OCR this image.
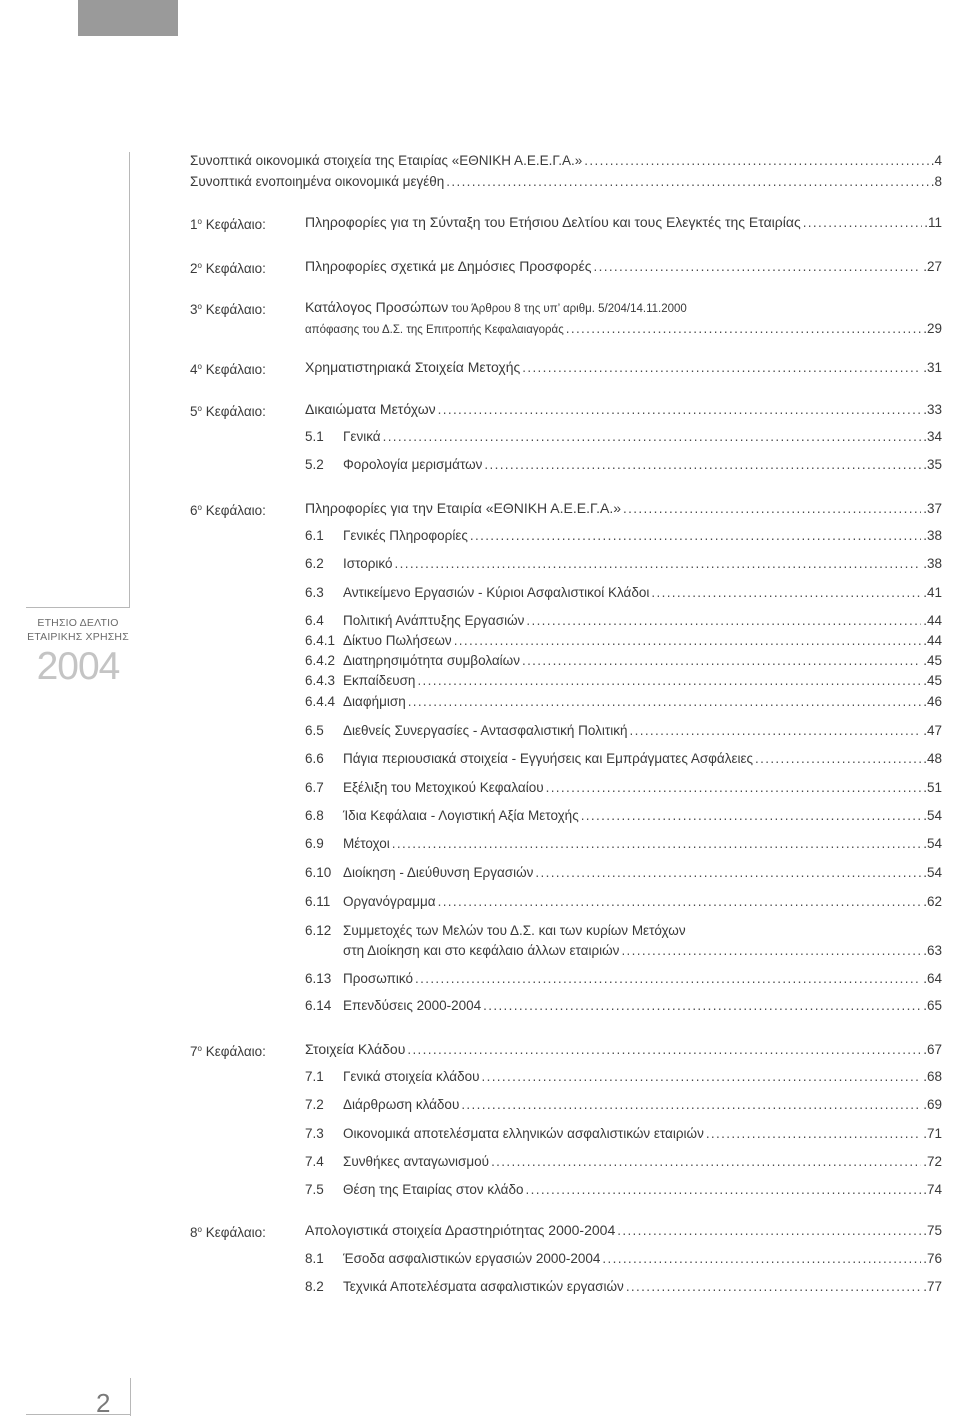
ΕΤΗΣΙΟ ΔΕΛΤΙΟ
ΕΤΑΙΡΙΚΗΣ ΧΡΗΣΗΣ
2004
2
Συνοπτικά οικονομικά στοιχεία της Εταιρίας «ΕΘΝΙΚΗ Α.Ε.Ε.Γ.Α.» . . .	.4
Συνοπτικά ενοποιημένα οικονομικά μεγέθη . . .	.8
$1^o$ Κεφάλαιο:	Πληροφορίες για τη Σύνταξη του Ετήσιου Δελτίου και τους Ελεγκτές της Εταιρίας . . .	.11
$2^o$ Κεφάλαιο:	Πληροφορίες σχετικά με Δημόσιες Προσφορές . . .	.27
$3^o$ Κεφάλαιο:	Κατάλογος Προσώπων του Άρθρου 8 της υπ’ αριθμ. 5/204/14.11.2000
απόφασης του Δ.Σ. της Επιτροπής Κεφαλαιαγοράς . . .	.29
$4^o$ Κεφάλαιο:	Χρηματιστηριακά Στοιχεία Μετοχής . . .	.31
$5^o$ Κεφάλαιο:	Δικαιώματα Μετόχων . . .	.33
5.1	Γενικά . . .	.34
5.2	Φορολογία μερισμάτων . . .	.35
$6^o$ Κεφάλαιο:	Πληροφορίες για την Εταιρία «ΕΘΝΙΚΗ Α.Ε.Ε.Γ.Α.» . . .	.37
6.1	Γενικές Πληροφορίες . . .	.38
6.2	Ιστορικό . . .	.38
6.3	Αντικείμενο Εργασιών - Κύριοι Ασφαλιστικοί Κλάδοι . . .	.41
6.4	Πολιτική Ανάπτυξης Εργασιών . . .	.44
6.4.1 Δίκτυο Πωλήσεων . . .	.44
6.4.2 Διατηρησιμότητα συμβολαίων . . .	.45
6.4.3 Εκπαίδευση . . .	.45
6.4.4 Διαφήμιση . . .	.46
6.5	Διεθνείς Συνεργασίες - Αντασφαλιστική Πολιτική . . .	.47
6.6	Πάγια περιουσιακά στοιχεία - Εγγυήσεις και Εμπράγματες Ασφάλειες . . .	.48
6.7	Εξέλιξη του Μετοχικού Κεφαλαίου . . .	.51
6.8	Ίδια Κεφάλαια - Λογιστική Αξία Μετοχής . . .	.54
6.9	Μέτοχοι . . .	.54
6.10 Διοίκηση - Διεύθυνση Εργασιών . . .	.54
6.11 Οργανόγραμμα . . .	.62
6.12 Συμμετοχές των Μελών του Δ.Σ. και των κυρίων Μετόχων
στη Διοίκηση και στο κεφάλαιο άλλων εταιριών . . .	.63
6.13 Προσωπικό . . .	.64
6.14 Επενδύσεις 2000-2004 . . .	.65
$7^o$ Κεφάλαιο:	Στοιχεία Κλάδου . . .	.67
7.1	Γενικά στοιχεία κλάδου . . .	.68
7.2	Διάρθρωση κλάδου . . .	.69
7.3	Οικονομικά αποτελέσματα ελληνικών ασφαλιστικών εταιριών . . .	.71
7.4	Συνθήκες ανταγωνισμού . . .	.72
7.5	Θέση της Εταιρίας στον κλάδο . . .	.74
$8^o$ Κεφάλαιο:	Απολογιστικά στοιχεία Δραστηριότητας 2000-2004 . . .	.75
8.1	Έσοδα ασφαλιστικών εργασιών 2000-2004 . . .	.76
8.2	Τεχνικά Αποτελέσματα ασφαλιστικών εργασιών . . .	.77
